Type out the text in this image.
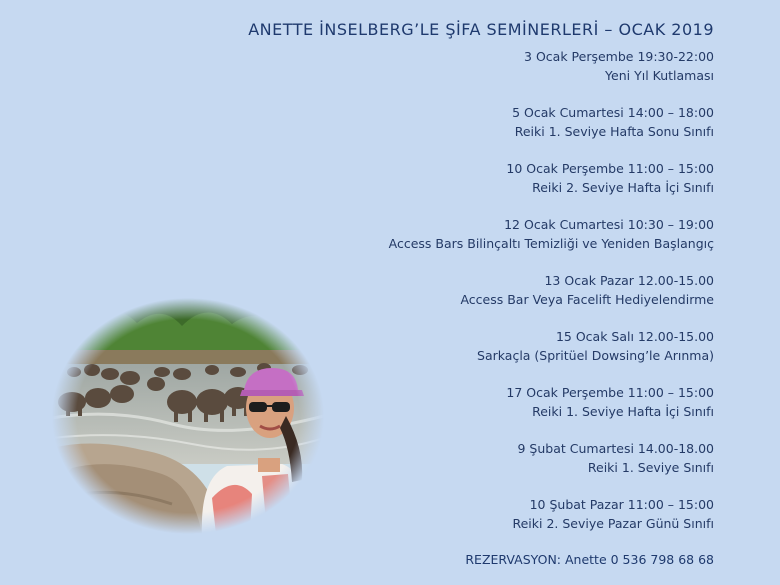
ANETTE İNSELBERG’LE ŞİFA SEMİNERLERİ – OCAK 2019
3 Ocak Perşembe 19:30-22:00
Yeni Yıl Kutlaması
5 Ocak Cumartesi 14:00 – 18:00
Reiki 1. Seviye Hafta Sonu Sınıfı
10 Ocak Perşembe 11:00 – 15:00
Reiki 2. Seviye Hafta İçi Sınıfı
12 Ocak Cumartesi 10:30 – 19:00
Access Bars Bilinçaltı Temizliği ve Yeniden Başlangıç
13 Ocak Pazar 12.00-15.00
Access Bar Veya Facelift Hediyelendirme
15 Ocak Salı 12.00-15.00
Sarkaçla (Spritüel Dowsing’le Arınma)
17 Ocak Perşembe 11:00 – 15:00
Reiki 1. Seviye Hafta İçi Sınıfı
9 Şubat Cumartesi 14.00-18.00
Reiki 1. Seviye Sınıfı
10 Şubat Pazar 11:00 – 15:00
Reiki 2. Seviye Pazar Günü Sınıfı
REZERVASYON: Anette 0 536 798 68 68
